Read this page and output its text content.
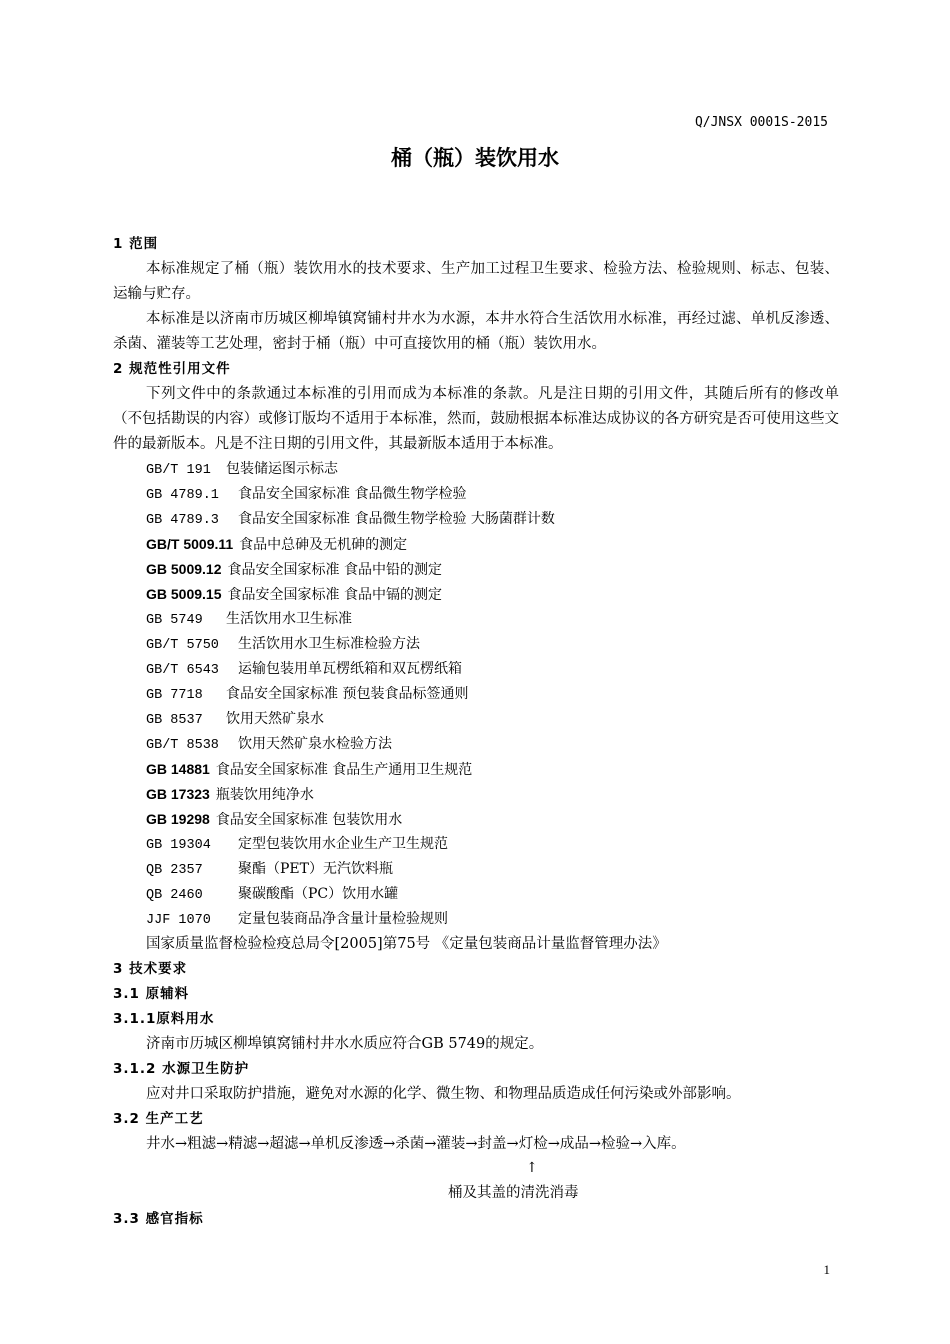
Q/JNSX 0001S-2015
桶（瓶）装饮用水
1 范围
本标准规定了桶（瓶）装饮用水的技术要求、生产加工过程卫生要求、检验方法、检验规则、标志、包装、运输与贮存。
本标准是以济南市历城区柳埠镇窝铺村井水为水源，本井水符合生活饮用水标准，再经过滤、单机反渗透、杀菌、灌装等工艺处理，密封于桶（瓶）中可直接饮用的桶（瓶）装饮用水。
2 规范性引用文件
下列文件中的条款通过本标准的引用而成为本标准的条款。凡是注日期的引用文件，其随后所有的修改单（不包括勘误的内容）或修订版均不适用于本标准，然而，鼓励根据本标准达成协议的各方研究是否可使用这些文件的最新版本。凡是不注日期的引用文件，其最新版本适用于本标准。
GB/T 191 包装储运图示标志
GB 4789.1 食品安全国家标准 食品微生物学检验
GB 4789.3 食品安全国家标准 食品微生物学检验 大肠菌群计数
GB/T 5009.11 食品中总砷及无机砷的测定
GB 5009.12 食品安全国家标准 食品中铅的测定
GB 5009.15 食品安全国家标准 食品中镉的测定
GB 5749 生活饮用水卫生标准
GB/T 5750 生活饮用水卫生标准检验方法
GB/T 6543 运输包装用单瓦楞纸箱和双瓦楞纸箱
GB 7718 食品安全国家标准 预包装食品标签通则
GB 8537 饮用天然矿泉水
GB/T 8538 饮用天然矿泉水检验方法
GB 14881 食品安全国家标准 食品生产通用卫生规范
GB 17323 瓶装饮用纯净水
GB 19298 食品安全国家标准 包装饮用水
GB 19304 定型包装饮用水企业生产卫生规范
QB 2357	聚酯（PET）无汽饮料瓶
QB 2460	聚碳酸酯（PC）饮用水罐
JJF 1070 定量包装商品净含量计量检验规则
国家质量监督检验检疫总局令[2005]第75号 《定量包装商品计量监督管理办法》
3 技术要求
3.1 原辅料
3.1.1原料用水
济南市历城区柳埠镇窝铺村井水水质应符合GB 5749的规定。
3.1.2 水源卫生防护
应对井口采取防护措施，避免对水源的化学、微生物、和物理品质造成任何污染或外部影响。
3.2 生产工艺
井水→粗滤→精滤→超滤→单机反渗透→杀菌→灌装→封盖→灯检→成品→检验→入库。
↑
桶及其盖的清洗消毒
3.3 感官指标
1
